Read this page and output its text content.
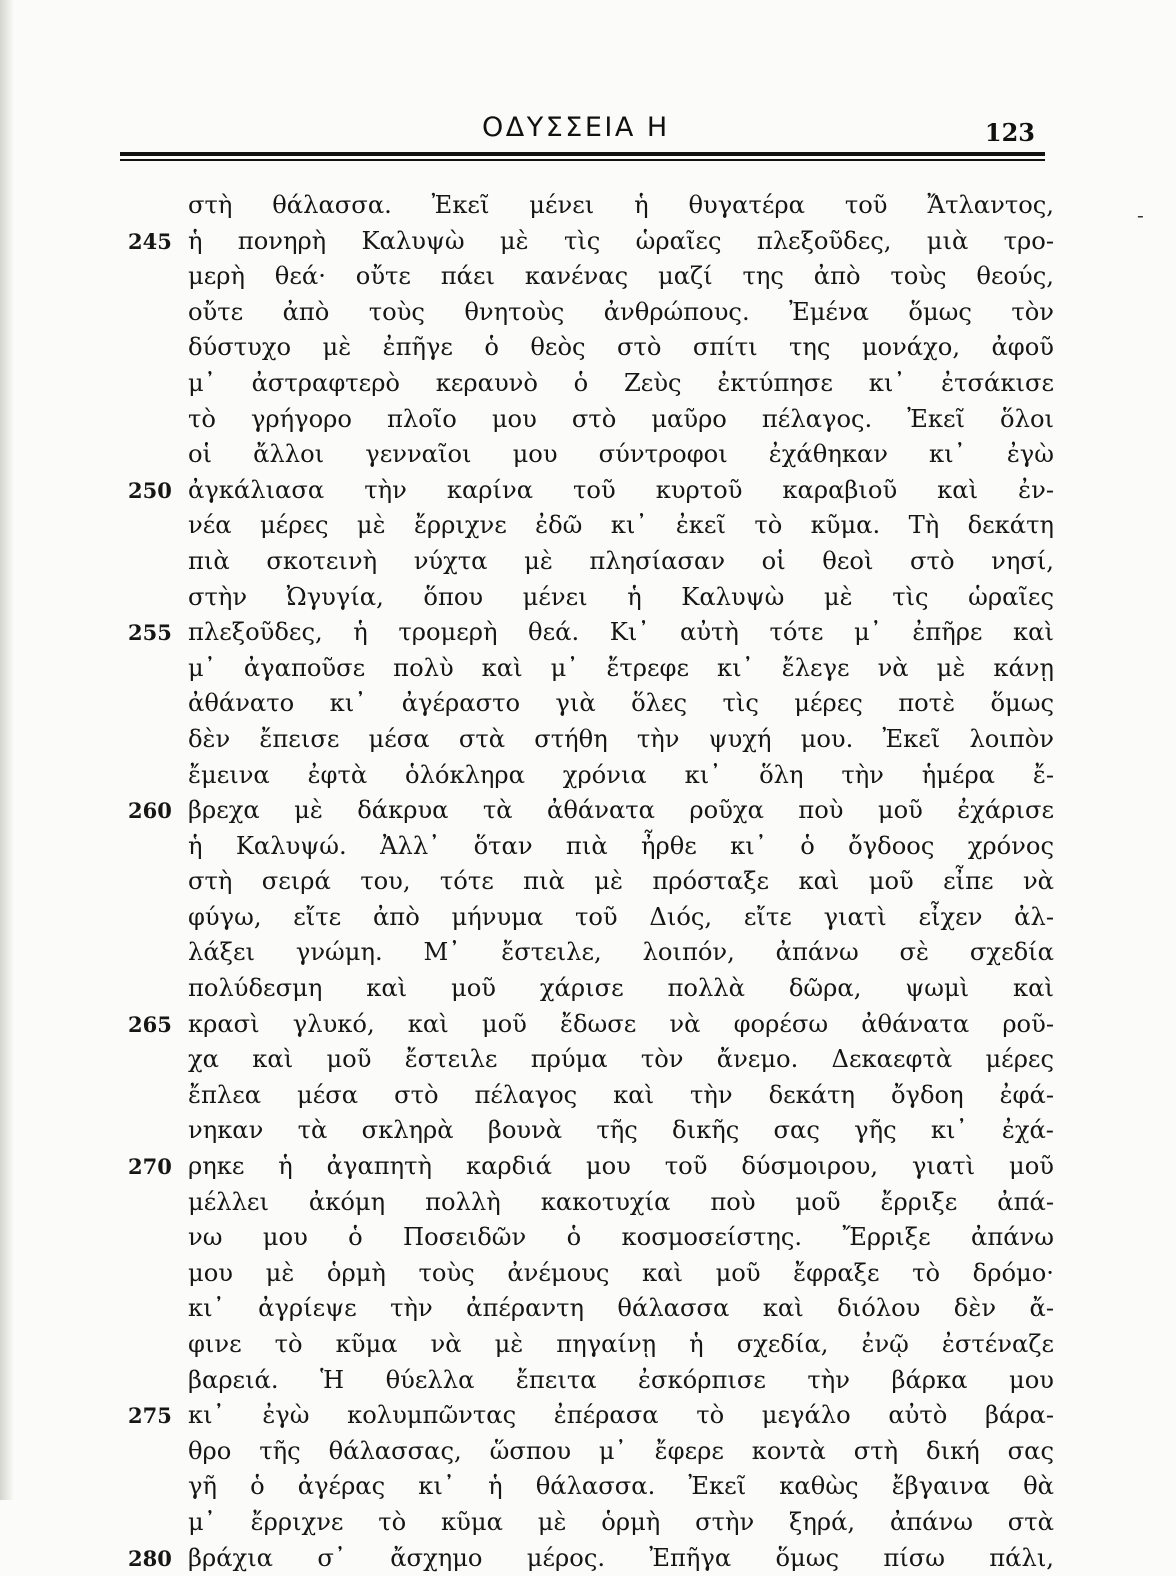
ΟΔΥΣΣΕΙΑ Η	123
-
στὴ θάλασσα. Ἐκεῖ μένει ἡ θυγατέρα τοῦ Ἄτλαντος,
245 ἡ πονηρὴ Καλυψὼ μὲ τὶς ὡραῖες πλεξοῦδες, μιὰ τρο-
μερὴ θεά· οὔτε πάει κανένας μαζί της ἀπὸ τοὺς θεούς,
οὔτε ἀπὸ τοὺς θνητοὺς ἀνθρώπους. Ἐμένα ὅμως τὸν
δύστυχο μὲ ἐπῆγε ὁ θεὸς στὸ σπίτι της μονάχο, ἀφοῦ
μ᾽ ἀστραφτερὸ κεραυνὸ ὁ Ζεὺς ἐκτύπησε κι᾽ ἐτσάκισε
τὸ γρήγορο πλοῖο μου στὸ μαῦρο πέλαγος. Ἐκεῖ ὅλοι
οἱ ἄλλοι γενναῖοι μου σύντροφοι ἐχάθηκαν κι᾽ ἐγὼ
250 ἀγκάλιασα τὴν καρίνα τοῦ κυρτοῦ καραβιοῦ καὶ ἐν-
νέα μέρες μὲ ἔρριχνε ἐδῶ κι᾽ ἐκεῖ τὸ κῦμα. Τὴ δεκάτη
πιὰ σκοτεινὴ νύχτα μὲ πλησίασαν οἱ θεοὶ στὸ νησί,
στὴν Ὠγυγία, ὅπου μένει ἡ Καλυψὼ μὲ τὶς ὡραῖες
255 πλεξοῦδες, ἡ τρομερὴ θεά. Κι᾽ αὐτὴ τότε μ᾽ ἐπῆρε καὶ
μ᾽ ἀγαποῦσε πολὺ καὶ μ᾽ ἔτρεφε κι᾽ ἔλεγε νὰ μὲ κάνῃ
ἀθάνατο κι᾽ ἀγέραστο γιὰ ὅλες τὶς μέρες ποτὲ ὅμως
δὲν ἔπεισε μέσα στὰ στήθη τὴν ψυχή μου. Ἐκεῖ λοιπὸν
ἔμεινα ἐφτὰ ὁλόκληρα χρόνια κι᾽ ὅλη τὴν ἡμέρα ἔ-
260 βρεχα μὲ δάκρυα τὰ ἀθάνατα ροῦχα ποὺ μοῦ ἐχάρισε
ἡ Καλυψώ. Ἀλλ᾽ ὅταν πιὰ ἦρθε κι᾽ ὁ ὄγδοος χρόνος
στὴ σειρά του, τότε πιὰ μὲ πρόσταξε καὶ μοῦ εἶπε νὰ
φύγω, εἴτε ἀπὸ μήνυμα τοῦ Διός, εἴτε γιατὶ εἶχεν ἀλ-
λάξει γνώμη. Μ᾽ ἔστειλε, λοιπόν, ἀπάνω σὲ σχεδία
πολύδεσμη καὶ μοῦ χάρισε πολλὰ δῶρα, ψωμὶ καὶ
265 κρασὶ γλυκό, καὶ μοῦ ἔδωσε νὰ φορέσω ἀθάνατα ροῦ-
χα καὶ μοῦ ἔστειλε πρύμα τὸν ἄνεμο. Δεκαεφτὰ μέρες
ἔπλεα μέσα στὸ πέλαγος καὶ τὴν δεκάτη ὄγδοη ἐφά-
νηκαν τὰ σκληρὰ βουνὰ τῆς δικῆς σας γῆς κι᾽ ἐχά-
270 ρηκε ἡ ἀγαπητὴ καρδιά μου τοῦ δύσμοιρου, γιατὶ μοῦ
μέλλει ἀκόμη πολλὴ κακοτυχία ποὺ μοῦ ἔρριξε ἀπά-
νω μου ὁ Ποσειδῶν ὁ κοσμοσείστης. Ἔρριξε ἀπάνω
μου μὲ ὁρμὴ τοὺς ἀνέμους καὶ μοῦ ἔφραξε τὸ δρόμο·
κι᾽ ἀγρίεψε τὴν ἀπέραντη θάλασσα καὶ διόλου δὲν ἄ-
φινε τὸ κῦμα νὰ μὲ πηγαίνῃ ἡ σχεδία, ἐνῷ ἐστέναζε
βαρειά. Ἡ θύελλα ἔπειτα ἐσκόρπισε τὴν βάρκα μου
275 κι᾽ ἐγὼ κολυμπῶντας ἐπέρασα τὸ μεγάλο αὐτὸ βάρα-
θρο τῆς θάλασσας, ὥσπου μ᾽ ἔφερε κοντὰ στὴ δική σας
γῆ ὁ ἀγέρας κι᾽ ἡ θάλασσα. Ἐκεῖ καθὼς ἔβγαινα θὰ
μ᾽ ἔρριχνε τὸ κῦμα μὲ ὁρμὴ στὴν ξηρά, ἀπάνω στὰ
280 βράχια σ᾽ ἄσχημο μέρος. Ἐπῆγα ὅμως πίσω πάλι,
